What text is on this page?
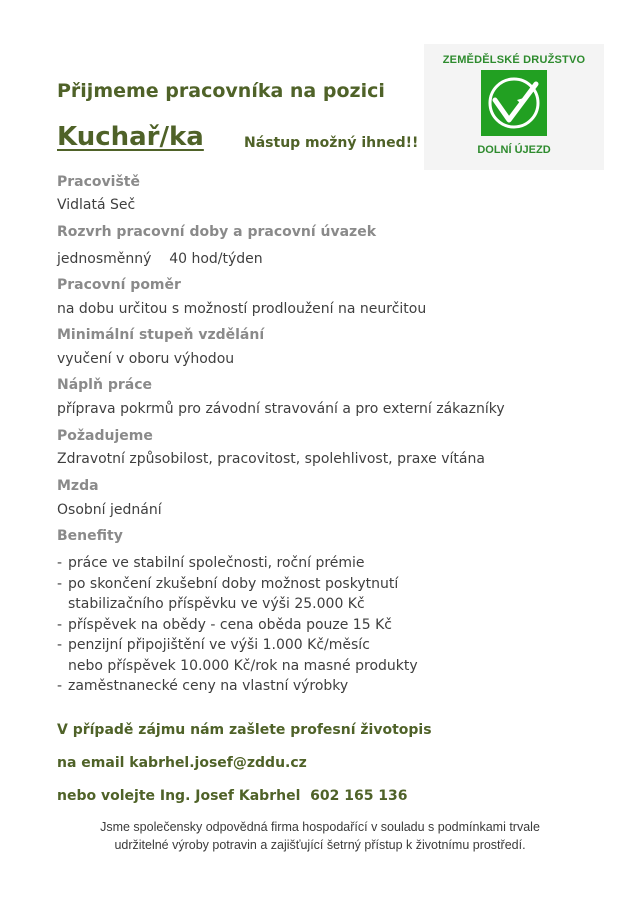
ZEMĚDĚLSKÉ DRUŽSTVO
DOLNÍ ÚJEZD
Přijmeme pracovníka na pozici
Kuchař/ka	Nástup možný ihned!!
Pracoviště
Vidlatá Seč
Rozvrh pracovní doby a pracovní úvazek
jednosměnný    40 hod/týden
Pracovní poměr
na dobu určitou s možností prodloužení na neurčitou
Minimální stupeň vzdělání
vyučení v oboru výhodou
Náplň práce
příprava pokrmů pro závodní stravování a pro externí zákazníky
Požadujeme
Zdravotní způsobilost, pracovitost, spolehlivost, praxe vítána
Mzda
Osobní jednání
Benefity
- práce ve stabilní společnosti, roční prémie
- po skončení zkušební doby možnost poskytnutí
stabilizačního příspěvku ve výši 25.000 Kč
- příspěvek na obědy - cena oběda pouze 15 Kč
- penzijní připojištění ve výši 1.000 Kč/měsíc
nebo příspěvek 10.000 Kč/rok na masné produkty
- zaměstnanecké ceny na vlastní výrobky
V případě zájmu nám zašlete profesní životopis
na email kabrhel.josef@zddu.cz
nebo volejte Ing. Josef Kabrhel  602 165 136
Jsme společensky odpovědná firma hospodařící v souladu s podmínkami trvale
udržitelné výroby potravin a zajišťující šetrný přístup k životnímu prostředí.
